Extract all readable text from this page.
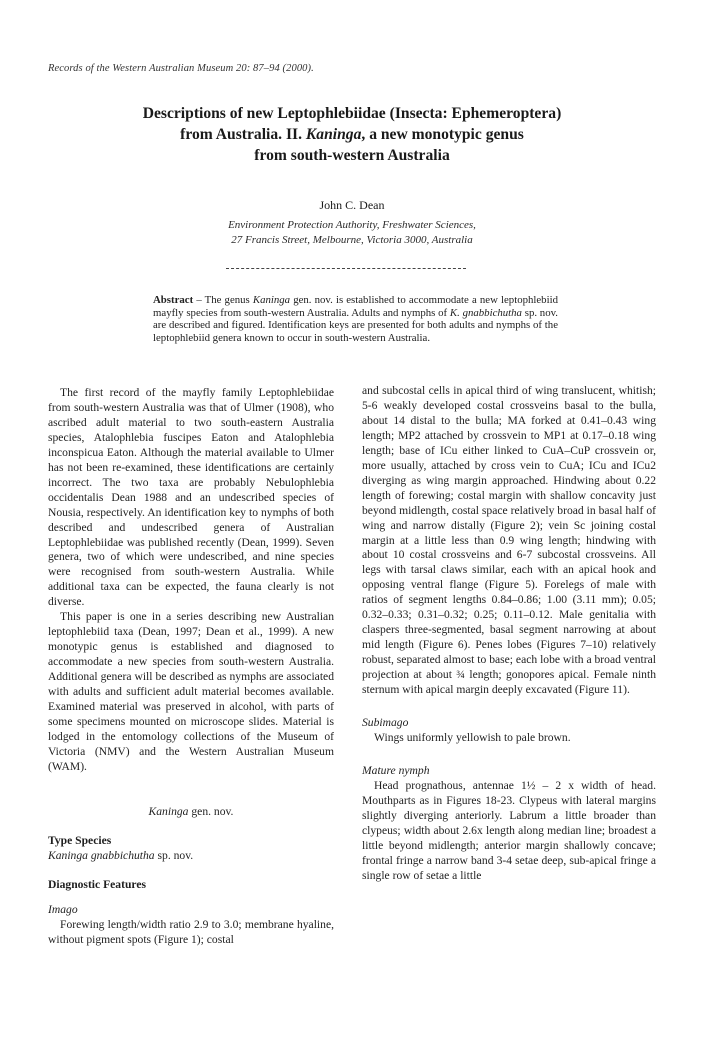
Records of the Western Australian Museum 20: 87–94 (2000).
Descriptions of new Leptophlebiidae (Insecta: Ephemeroptera)
from Australia. II. Kaninga, a new monotypic genus
from south-western Australia
John C. Dean
Environment Protection Authority, Freshwater Sciences,
27 Francis Street, Melbourne, Victoria 3000, Australia
Abstract – The genus Kaninga gen. nov. is established to accommodate a new leptophlebiid mayfly species from south-western Australia. Adults and nymphs of K. gnabbichutha sp. nov. are described and figured. Identification keys are presented for both adults and nymphs of the leptophlebiid genera known to occur in south-western Australia.

The first record of the mayfly family Leptophlebiidae from south-western Australia was that of Ulmer (1908), who ascribed adult material to two south-eastern Australia species, Atalophlebia fuscipes Eaton and Atalophlebia inconspicua Eaton. Although the material available to Ulmer has not been re-examined, these identifications are certainly incorrect. The two taxa are probably Nebulophlebia occidentalis Dean 1988 and an undescribed species of Nousia, respectively. An identification key to nymphs of both described and undescribed genera of Australian Leptophlebiidae was published recently (Dean, 1999). Seven genera, two of which were undescribed, and nine species were recognised from south-western Australia. While additional taxa can be expected, the fauna clearly is not diverse.

This paper is one in a series describing new Australian leptophlebiid taxa (Dean, 1997; Dean et al., 1999). A new monotypic genus is established and diagnosed to accommodate a new species from south-western Australia. Additional genera will be described as nymphs are associated with adults and sufficient adult material becomes available. Examined material was preserved in alcohol, with parts of some specimens mounted on microscope slides. Material is lodged in the entomology collections of the Museum of Victoria (NMV) and the Western Australian Museum (WAM).

Kaninga gen. nov.
Type Species
Kaninga gnabbichutha sp. nov.
Diagnostic Features
Imago

Forewing length/width ratio 2.9 to 3.0; membrane hyaline, without pigment spots (Figure 1); costal

and subcostal cells in apical third of wing translucent, whitish; 5-6 weakly developed costal crossveins basal to the bulla, about 14 distal to the bulla; MA forked at 0.41–0.43 wing length; MP2 attached by crossvein to MP1 at 0.17–0.18 wing length; base of ICu either linked to CuA–CuP crossvein or, more usually, attached by cross vein to CuA; ICu and ICu2 diverging as wing margin approached. Hindwing about 0.22 length of forewing; costal margin with shallow concavity just beyond midlength, costal space relatively broad in basal half of wing and narrow distally (Figure 2); vein Sc joining costal margin at a little less than 0.9 wing length; hindwing with about 10 costal crossveins and 6-7 subcostal crossveins. All legs with tarsal claws similar, each with an apical hook and opposing ventral flange (Figure 5). Forelegs of male with ratios of segment lengths 0.84–0.86; 1.00 (3.11 mm); 0.05; 0.32–0.33; 0.31–0.32; 0.25; 0.11–0.12. Male genitalia with claspers three-segmented, basal segment narrowing at about mid length (Figure 6). Penes lobes (Figures 7–10) relatively robust, separated almost to base; each lobe with a broad ventral projection at about ¾ length; gonopores apical. Female ninth sternum with apical margin deeply excavated (Figure 11).

Subimago

Wings uniformly yellowish to pale brown.

Mature nymph

Head prognathous, antennae 1½ – 2 x width of head. Mouthparts as in Figures 18-23. Clypeus with lateral margins slightly diverging anteriorly. Labrum a little broader than clypeus; width about 2.6x length along median line; broadest a little beyond midlength; anterior margin shallowly concave; frontal fringe a narrow band 3-4 setae deep, sub-apical fringe a single row of setae a little
